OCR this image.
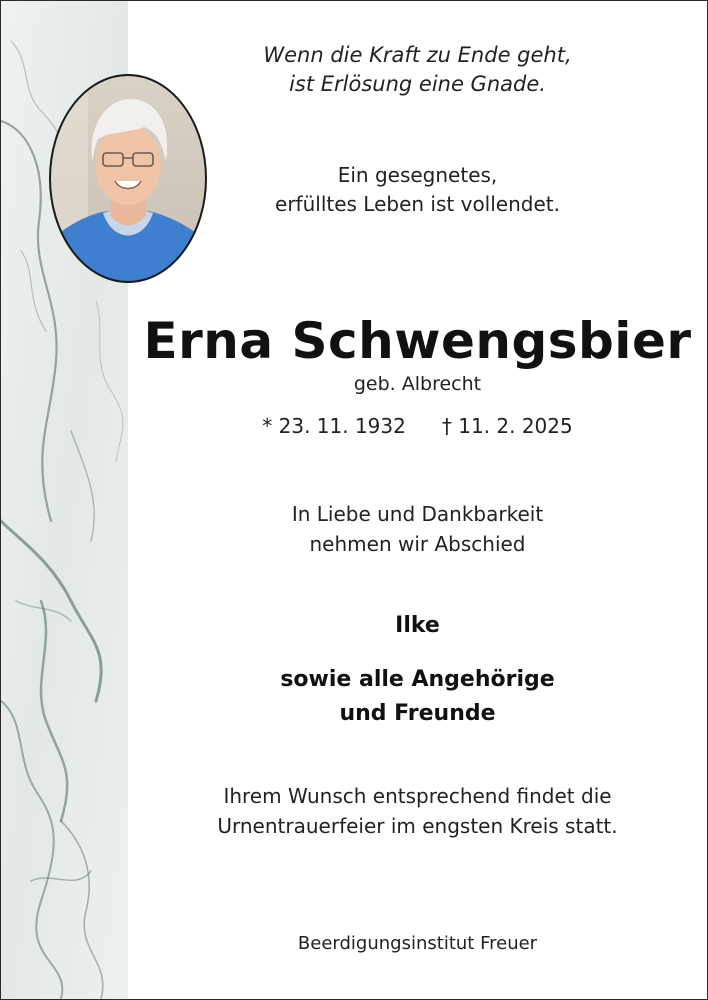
Wenn die Kraft zu Ende geht,
ist Erlösung eine Gnade.
Ein gesegnetes,
erfülltes Leben ist vollendet.
Erna Schwengsbier
geb. Albrecht
* 23. 11. 1932 † 11. 2. 2025
In Liebe und Dankbarkeit
nehmen wir Abschied
Ilke
sowie alle Angehörige
und Freunde
Ihrem Wunsch entsprechend findet die
Urnentrauerfeier im engsten Kreis statt.
Beerdigungsinstitut Freuer
